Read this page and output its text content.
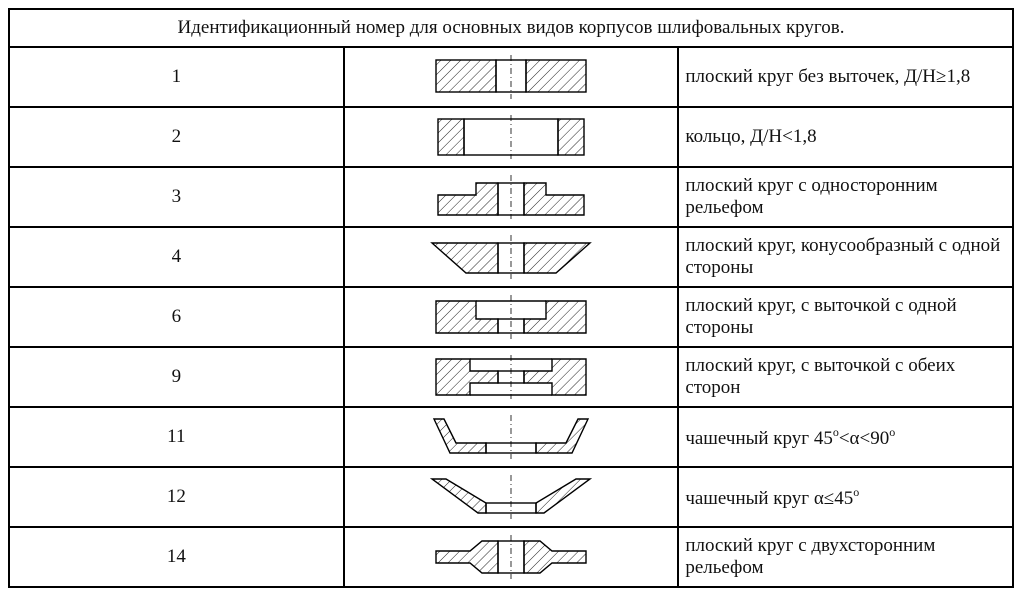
Идентификационный номер для основных видов корпусов шлифовальных кругов.		
1		плоский круг без выточек, Д/Н≥1,8
2		кольцо, Д/Н<1,8
3		плоский круг с односторонним рельефом
4		плоский круг, конусообразный с одной стороны
6		плоский круг, с выточкой с одной стороны
9		плоский круг, с выточкой с обеих сторон
11		чашечный круг $45^о<\alpha<90^о$
12		чашечный круг $\alpha\le 45^о$
14		плоский круг с двухсторонним рельефом
